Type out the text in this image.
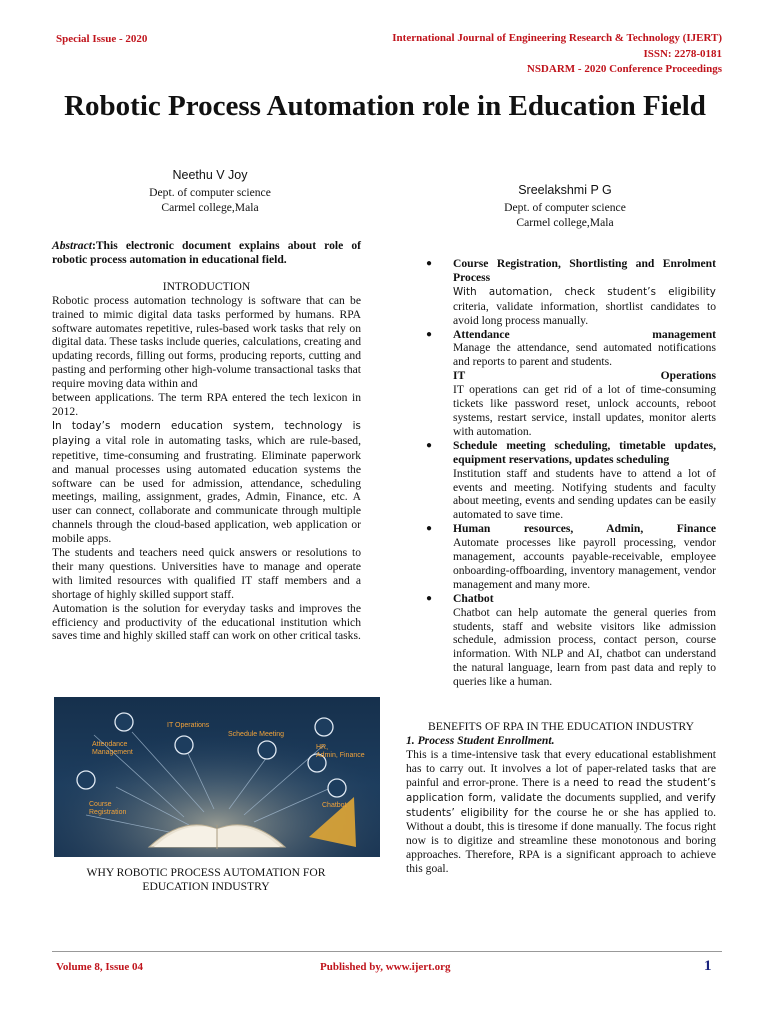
Special Issue - 2020	International Journal of Engineering Research & Technology (IJERT)
ISSN: 2278-0181
NSDARM - 2020 Conference Proceedings
Robotic Process Automation role in Education Field
Neethu V Joy
Dept. of computer science
Carmel college,Mala
Sreelakshmi P G
Dept. of computer science
Carmel college,Mala

Abstract:This electronic document explains about role of robotic process automation in educational field.

INTRODUCTION

Robotic process automation technology is software that can be trained to mimic digital data tasks performed by humans. RPA software automates repetitive, rules-based work tasks that rely on digital data. These tasks include queries, calculations, creating and updating records, filling out forms, producing reports, cutting and pasting and performing other high-volume transactional tasks that require moving data within and

between applications. The term RPA entered the tech lexicon in 2012.

In today’s modern education system, technology is playing a vital role in automating tasks, which are rule-based, repetitive, time-consuming and frustrating. Eliminate paperwork and manual processes using automated education systems the software can be used for admission, attendance, scheduling meetings, mailing, assignment, grades, Admin, Finance, etc. A user can connect, collaborate and communicate through multiple channels through the cloud-based application, web application or mobile apps.

The students and teachers need quick answers or resolutions to their many questions. Universities have to manage and operate with limited resources with qualified IT staff members and a shortage of highly skilled support staff.

Automation is the solution for everyday tasks and improves the efficiency and productivity of the educational institution which saves time and highly skilled staff can work on other critical tasks.

IT Operations
Schedule Meeting
Attendance Management
HR, Admin, Finance
Course Registration
Chatbot
WHY ROBOTIC PROCESS AUTOMATION FOR EDUCATION INDUSTRY
● Course Registration, Shortlisting and Enrolment Process
With automation, check student’s eligibility criteria, validate information, shortlist candidates to avoid long process manually.
● Attendance management
Manage the attendance, send automated notifications and reports to parent and students.
IT Operations
IT operations can get rid of a lot of time-consuming tickets like password reset, unlock accounts, reboot systems, restart service, install updates, monitor alerts with automation.
● Schedule meeting scheduling, timetable updates, equipment reservations, updates scheduling
Institution staff and students have to attend a lot of events and meeting. Notifying students and faculty about meeting, events and sending updates can be easily automated to save time.
● Human resources, Admin, Finance
Automate processes like payroll processing, vendor management, accounts payable-receivable, employee onboarding-offboarding, inventory management, vendor management and many more.
● Chatbot
Chatbot can help automate the general queries from students, staff and website visitors like admission schedule, admission process, contact person, course information. With NLP and AI, chatbot can understand the natural language, learn from past data and reply to queries like a human.

BENEFITS OF RPA IN THE EDUCATION INDUSTRY

1. Process Student Enrollment.

This is a time-intensive task that every educational establishment has to carry out. It involves a lot of paper-related tasks that are painful and error-prone. There is a need to read the student’s application form, validate the documents supplied, and verify students’ eligibility for the course he or she has applied to. Without a doubt, this is tiresome if done manually. The focus right now is to digitize and streamline these monotonous and boring approaches. Therefore, RPA is a significant approach to achieve this goal.

Volume 8, Issue 04	Published by, www.ijert.org	1
